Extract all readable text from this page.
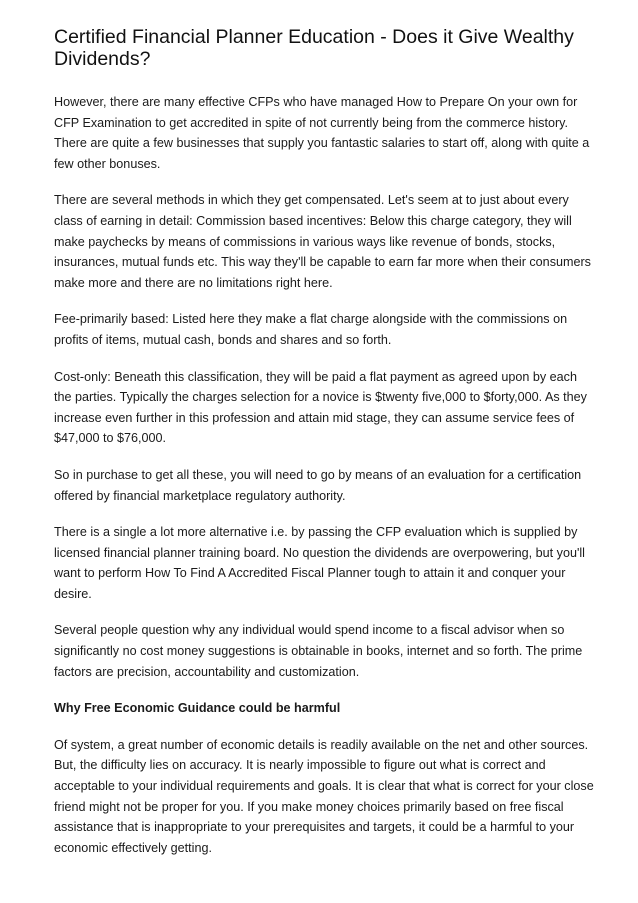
Certified Financial Planner Education - Does it Give Wealthy Dividends?

However, there are many effective CFPs who have managed How to Prepare On your own for CFP Examination to get accredited in spite of not currently being from the commerce history. There are quite a few businesses that supply you fantastic salaries to start off, along with quite a few other bonuses.

There are several methods in which they get compensated. Let's seem at to just about every class of earning in detail: Commission based incentives: Below this charge category, they will make paychecks by means of commissions in various ways like revenue of bonds, stocks, insurances, mutual funds etc. This way they'll be capable to earn far more when their consumers make more and there are no limitations right here.

Fee-primarily based: Listed here they make a flat charge alongside with the commissions on profits of items, mutual cash, bonds and shares and so forth.

Cost-only: Beneath this classification, they will be paid a flat payment as agreed upon by each the parties. Typically the charges selection for a novice is $twenty five,000 to $forty,000. As they increase even further in this profession and attain mid stage, they can assume service fees of $47,000 to $76,000.

So in purchase to get all these, you will need to go by means of an evaluation for a certification offered by financial marketplace regulatory authority.

There is a single a lot more alternative i.e. by passing the CFP evaluation which is supplied by licensed financial planner training board. No question the dividends are overpowering, but you'll want to perform How To Find A Accredited Fiscal Planner tough to attain it and conquer your desire.

Several people question why any individual would spend income to a fiscal advisor when so significantly no cost money suggestions is obtainable in books, internet and so forth. The prime factors are precision, accountability and customization.

Why Free Economic Guidance could be harmful

Of system, a great number of economic details is readily available on the net and other sources. But, the difficulty lies on accuracy. It is nearly impossible to figure out what is correct and acceptable to your individual requirements and goals. It is clear that what is correct for your close friend might not be proper for you. If you make money choices primarily based on free fiscal assistance that is inappropriate to your prerequisites and targets, it could be a harmful to your economic effectively getting.
